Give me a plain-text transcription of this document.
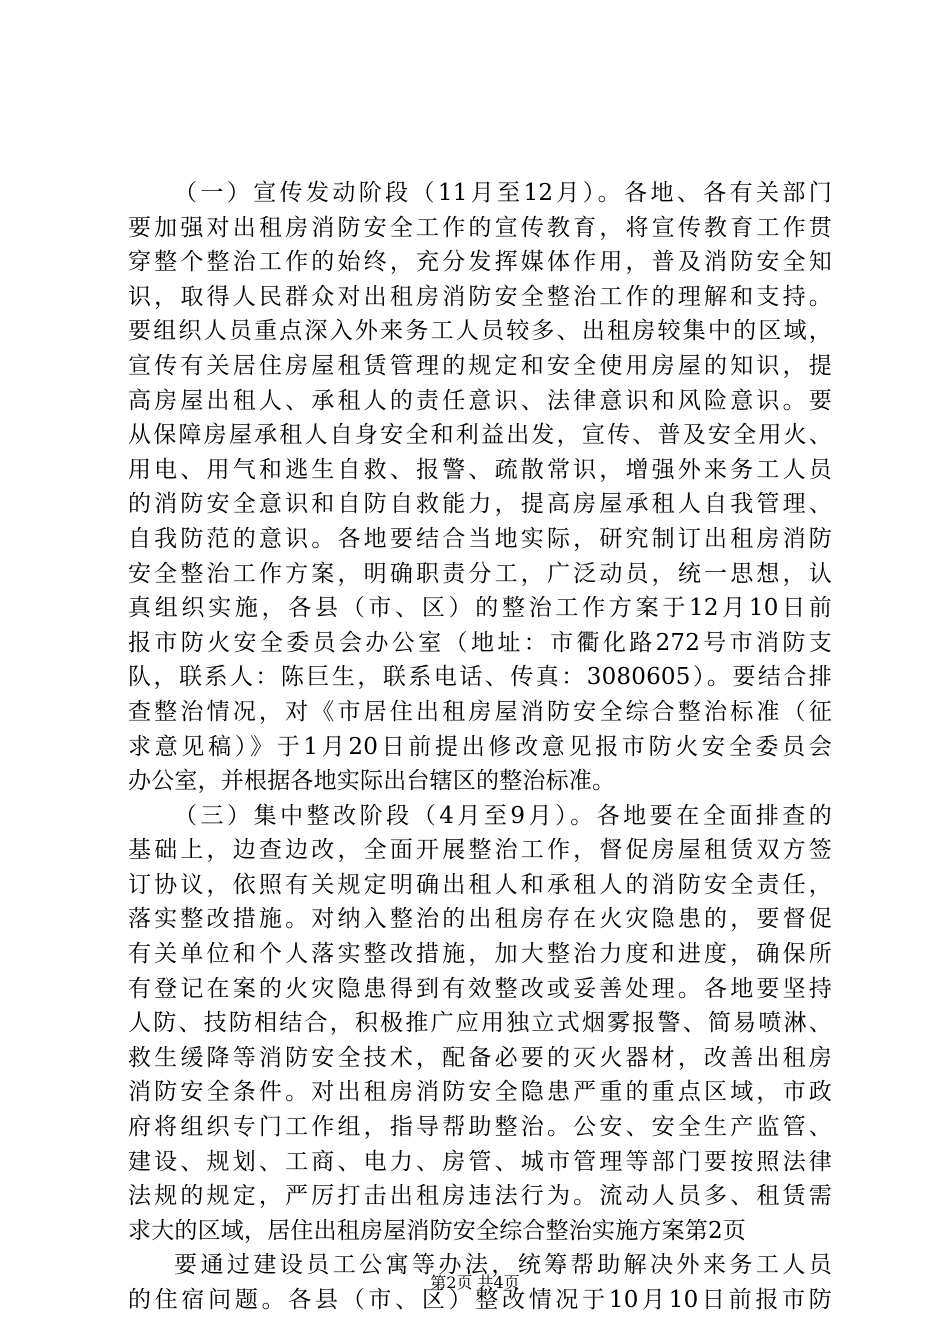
（一）宣传发动阶段（11月至12月）。各地、各有关部门
要加强对出租房消防安全工作的宣传教育，将宣传教育工作贯
穿整个整治工作的始终，充分发挥媒体作用，普及消防安全知
识，取得人民群众对出租房消防安全整治工作的理解和支持。
要组织人员重点深入外来务工人员较多、出租房较集中的区域，
宣传有关居住房屋租赁管理的规定和安全使用房屋的知识，提
高房屋出租人、承租人的责任意识、法律意识和风险意识。要
从保障房屋承租人自身安全和利益出发，宣传、普及安全用火、
用电、用气和逃生自救、报警、疏散常识，增强外来务工人员
的消防安全意识和自防自救能力，提高房屋承租人自我管理、
自我防范的意识。各地要结合当地实际，研究制订出租房消防
安全整治工作方案，明确职责分工，广泛动员，统一思想，认
真组织实施，各县（市、区）的整治工作方案于12月10日前
报市防火安全委员会办公室（地址：市衢化路272号市消防支
队，联系人：陈巨生，联系电话、传真：3080605）。要结合排
查整治情况，对《市居住出租房屋消防安全综合整治标准（征
求意见稿）》于1月20日前提出修改意见报市防火安全委员会
办公室，并根据各地实际出台辖区的整治标准。
（三）集中整改阶段（4月至9月）。各地要在全面排查的
基础上，边查边改，全面开展整治工作，督促房屋租赁双方签
订协议，依照有关规定明确出租人和承租人的消防安全责任，
落实整改措施。对纳入整治的出租房存在火灾隐患的，要督促
有关单位和个人落实整改措施，加大整治力度和进度，确保所
有登记在案的火灾隐患得到有效整改或妥善处理。各地要坚持
人防、技防相结合，积极推广应用独立式烟雾报警、简易喷淋、
救生缓降等消防安全技术，配备必要的灭火器材，改善出租房
消防安全条件。对出租房消防安全隐患严重的重点区域，市政
府将组织专门工作组，指导帮助整治。公安、安全生产监管、
建设、规划、工商、电力、房管、城市管理等部门要按照法律
法规的规定，严厉打击出租房违法行为。流动人员多、租赁需
求大的区域，居住出租房屋消防安全综合整治实施方案第2页
要通过建设员工公寓等办法，统筹帮助解决外来务工人员
的住宿问题。各县（市、区）整改情况于10月10日前报市防
第2页 共4页
